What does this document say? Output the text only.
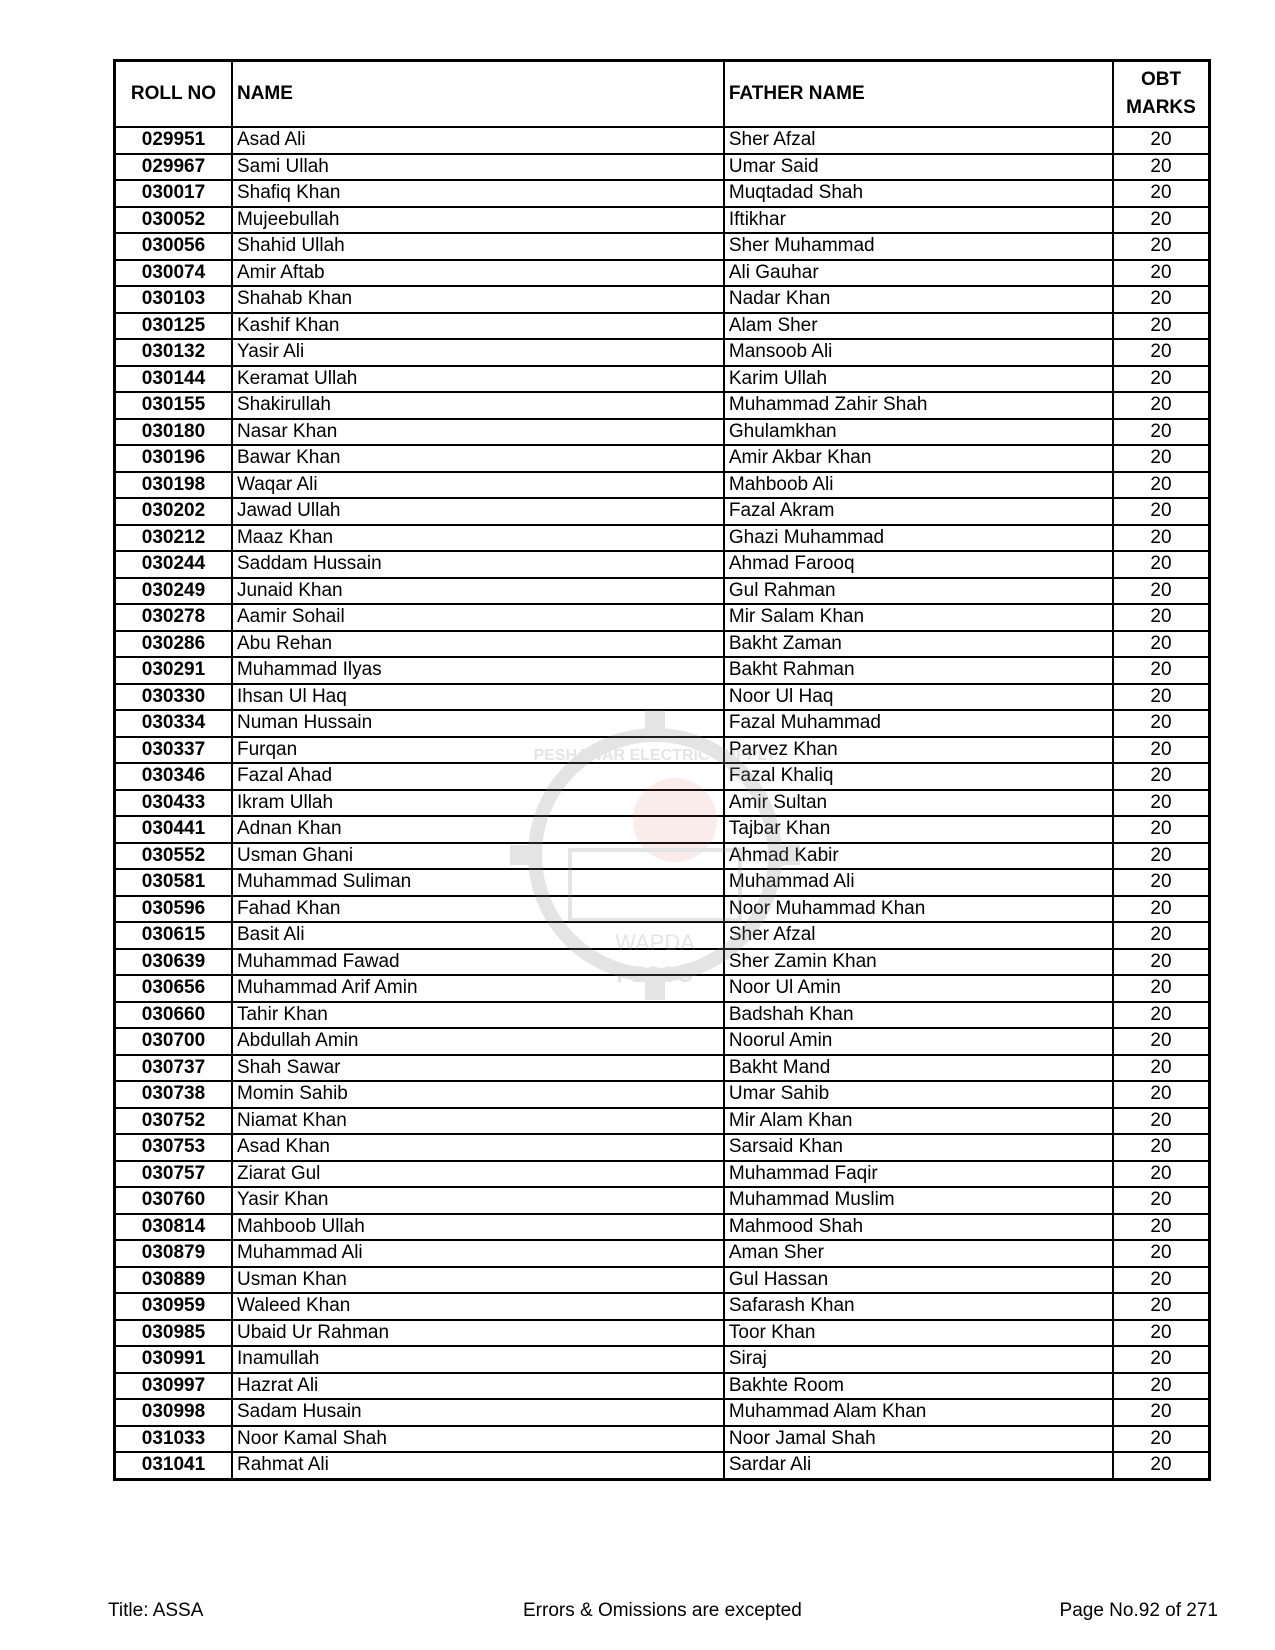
ROLL NO	NAME	FATHER NAME	OBT
MARKS
029951	Asad Ali	Sher Afzal	20
029967	Sami Ullah	Umar Said	20
030017	Shafiq Khan	Muqtadad Shah	20
030052	Mujeebullah	Iftikhar	20
030056	Shahid Ullah	Sher Muhammad	20
030074	Amir Aftab	Ali Gauhar	20
030103	Shahab Khan	Nadar Khan	20
030125	Kashif Khan	Alam Sher	20
030132	Yasir Ali	Mansoob Ali	20
030144	Keramat Ullah	Karim Ullah	20
030155	Shakirullah	Muhammad Zahir Shah	20
030180	Nasar Khan	Ghulamkhan	20
030196	Bawar Khan	Amir Akbar Khan	20
030198	Waqar Ali	Mahboob Ali	20
030202	Jawad Ullah	Fazal Akram	20
030212	Maaz Khan	Ghazi Muhammad	20
030244	Saddam Hussain	Ahmad Farooq	20
030249	Junaid Khan	Gul Rahman	20
030278	Aamir Sohail	Mir Salam Khan	20
030286	Abu Rehan	Bakht Zaman	20
030291	Muhammad Ilyas	Bakht Rahman	20
030330	Ihsan Ul Haq	Noor Ul Haq	20
030334	Numan Hussain	Fazal Muhammad	20
030337	Furqan	Parvez Khan	20
030346	Fazal Ahad	Fazal Khaliq	20
030433	Ikram Ullah	Amir Sultan	20
030441	Adnan Khan	Tajbar Khan	20
030552	Usman Ghani	Ahmad Kabir	20
030581	Muhammad Suliman	Muhammad Ali	20
030596	Fahad Khan	Noor Muhammad Khan	20
030615	Basit Ali	Sher Afzal	20
030639	Muhammad Fawad	Sher Zamin Khan	20
030656	Muhammad Arif Amin	Noor Ul Amin	20
030660	Tahir Khan	Badshah Khan	20
030700	Abdullah Amin	Noorul Amin	20
030737	Shah Sawar	Bakht Mand	20
030738	Momin Sahib	Umar Sahib	20
030752	Niamat Khan	Mir Alam Khan	20
030753	Asad Khan	Sarsaid Khan	20
030757	Ziarat Gul	Muhammad Faqir	20
030760	Yasir Khan	Muhammad Muslim	20
030814	Mahboob Ullah	Mahmood Shah	20
030879	Muhammad Ali	Aman Sher	20
030889	Usman Khan	Gul Hassan	20
030959	Waleed Khan	Safarash Khan	20
030985	Ubaid Ur Rahman	Toor Khan	20
030991	Inamullah	Siraj	20
030997	Hazrat Ali	Bakhte Room	20
030998	Sadam Husain	Muhammad Alam Khan	20
031033	Noor Kamal Shah	Noor Jamal Shah	20
031041	Rahmat Ali	Sardar Ali	20
WAPDA
PESCO
PESHAWAR ELECTRIC SUPPLY
Title: ASSA	Errors & Omissions are excepted	Page No.92 of 271
